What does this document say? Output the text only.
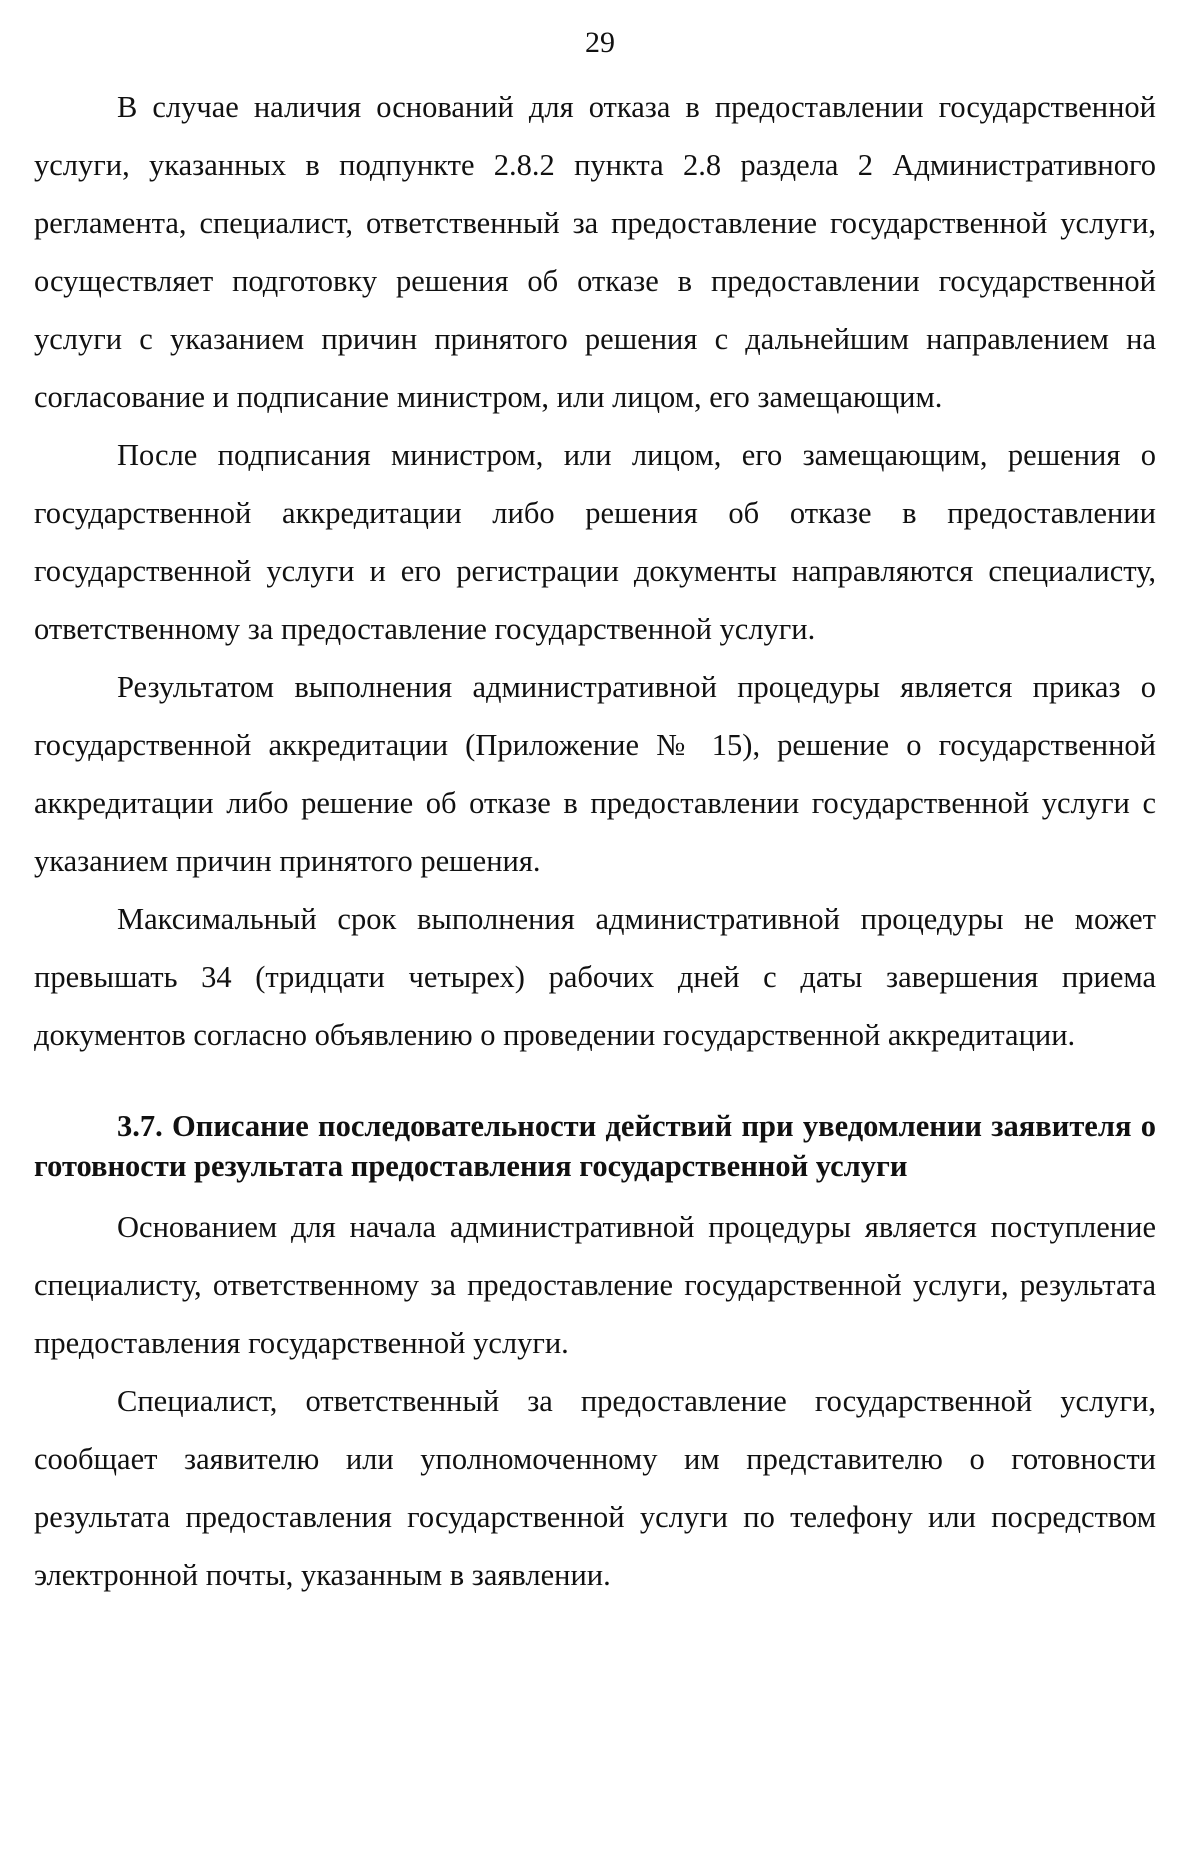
29

В случае наличия оснований для отказа в предоставлении государственной услуги, указанных в подпункте 2.8.2 пункта 2.8 раздела 2 Административного регламента, специалист, ответственный за предоставление государственной услуги, осуществляет подготовку решения об отказе в предоставлении государственной услуги с указанием причин принятого решения с дальнейшим направлением на согласование и подписание министром, или лицом, его замещающим.

После подписания министром, или лицом, его замещающим, решения о государственной аккредитации либо решения об отказе в предоставлении государственной услуги и его регистрации документы направляются специалисту, ответственному за предоставление государственной услуги.

Результатом выполнения административной процедуры является приказ о государственной аккредитации (Приложение № 15), решение о государственной аккредитации либо решение об отказе в предоставлении государственной услуги с указанием причин принятого решения.

Максимальный срок выполнения административной процедуры не может превышать 34 (тридцати четырех) рабочих дней с даты завершения приема документов согласно объявлению о проведении государственной аккредитации.

3.7. Описание последовательности действий при уведомлении заявителя о готовности результата предоставления государственной услуги

Основанием для начала административной процедуры является поступление специалисту, ответственному за предоставление государственной услуги, результата предоставления государственной услуги.

Специалист, ответственный за предоставление государственной услуги, сообщает заявителю или уполномоченному им представителю о готовности результата предоставления государственной услуги по телефону или посредством электронной почты, указанным в заявлении.
